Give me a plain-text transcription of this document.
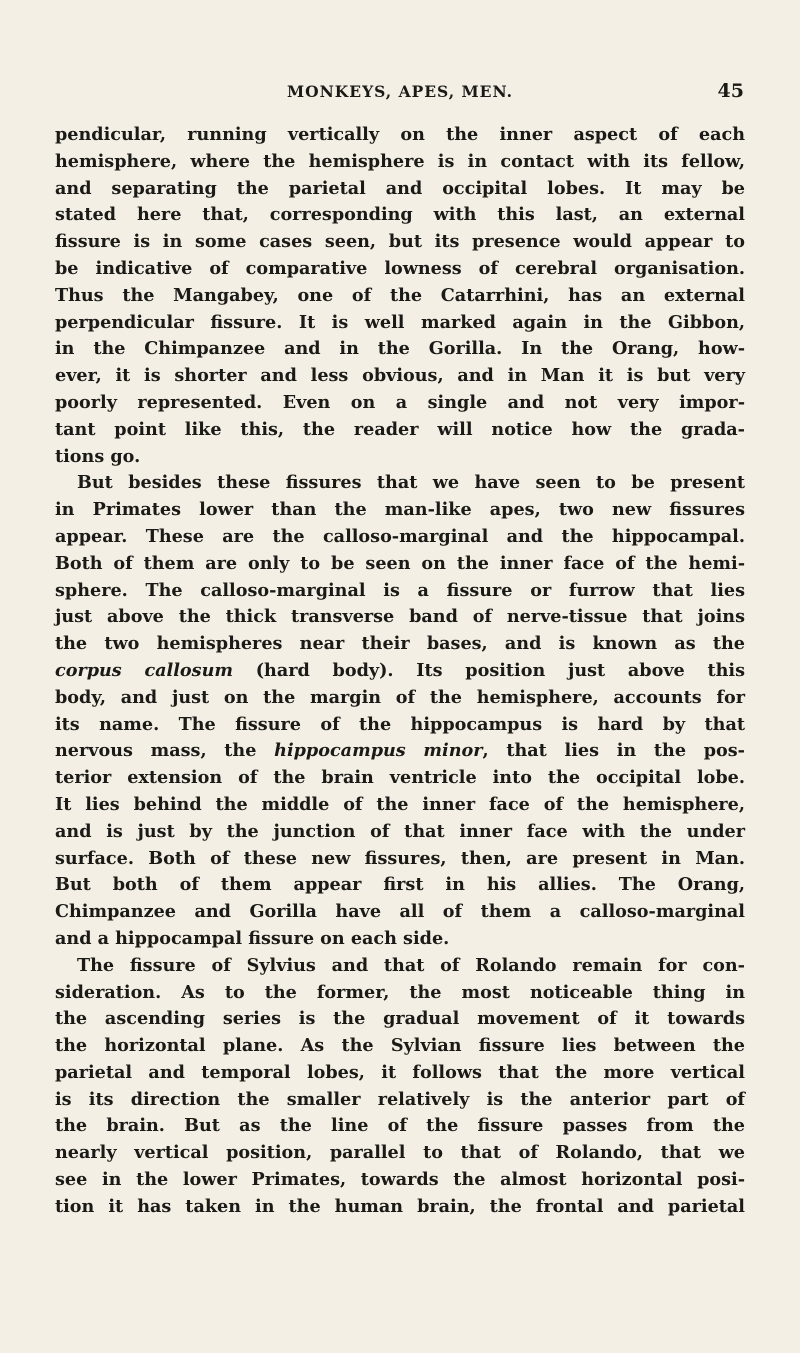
MONKEYS, APES, MEN.	45
pendicular, running vertically on the inner aspect of each
hemisphere, where the hemisphere is in contact with its fellow,
and separating the parietal and occipital lobes. It may be
stated here that, corresponding with this last, an external
fissure is in some cases seen, but its presence would appear to
be indicative of comparative lowness of cerebral organisation.
Thus the Mangabey, one of the Catarrhini, has an external
perpendicular fissure. It is well marked again in the Gibbon,
in the Chimpanzee and in the Gorilla. In the Orang, how-
ever, it is shorter and less obvious, and in Man it is but very
poorly represented. Even on a single and not very impor-
tant point like this, the reader will notice how the grada-
tions go.
But besides these fissures that we have seen to be present
in Primates lower than the man-like apes, two new fissures
appear. These are the calloso-marginal and the hippocampal.
Both of them are only to be seen on the inner face of the hemi-
sphere. The calloso-marginal is a fissure or furrow that lies
just above the thick transverse band of nerve-tissue that joins
the two hemispheres near their bases, and is known as the
corpus callosum (hard body). Its position just above this
body, and just on the margin of the hemisphere, accounts for
its name. The fissure of the hippocampus is hard by that
nervous mass, the hippocampus minor, that lies in the pos-
terior extension of the brain ventricle into the occipital lobe.
It lies behind the middle of the inner face of the hemisphere,
and is just by the junction of that inner face with the under
surface. Both of these new fissures, then, are present in Man.
But both of them appear first in his allies. The Orang,
Chimpanzee and Gorilla have all of them a calloso-marginal
and a hippocampal fissure on each side.
The fissure of Sylvius and that of Rolando remain for con-
sideration. As to the former, the most noticeable thing in
the ascending series is the gradual movement of it towards
the horizontal plane. As the Sylvian fissure lies between the
parietal and temporal lobes, it follows that the more vertical
is its direction the smaller relatively is the anterior part of
the brain. But as the line of the fissure passes from the
nearly vertical position, parallel to that of Rolando, that we
see in the lower Primates, towards the almost horizontal posi-
tion it has taken in the human brain, the frontal and parietal
